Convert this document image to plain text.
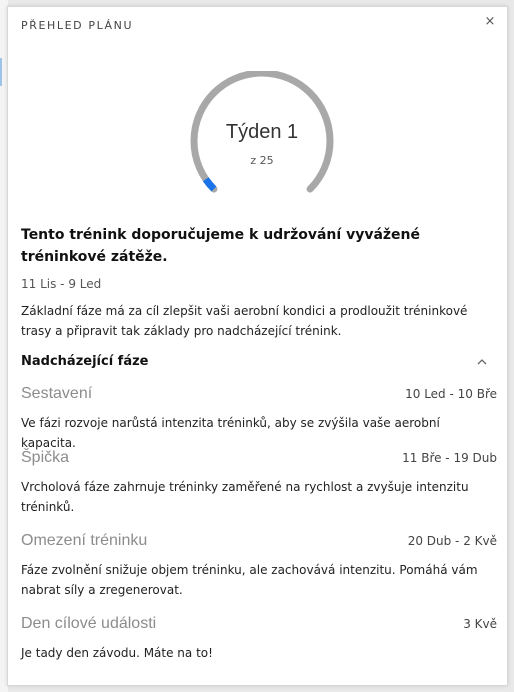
PŘEHLED PLÁNU	×
Týden 1
z 25
Tento trénink doporučujeme k udržování vyvážené tréninkové zátěže.
11 Lis - 9 Led
Základní fáze má za cíl zlepšit vaši aerobní kondici a prodloužit tréninkové trasy a připravit tak základy pro nadcházející trénink.
Nadcházející fáze
Sestavení	10 Led - 10 Bře
Ve fázi rozvoje narůstá intenzita tréninků, aby se zvýšila vaše aerobní kapacita.
Špička	11 Bře - 19 Dub
Vrcholová fáze zahrnuje tréninky zaměřené na rychlost a zvyšuje intenzitu tréninků.
Omezení tréninku	20 Dub - 2 Kvě
Fáze zvolnění snižuje objem tréninku, ale zachovává intenzitu. Pomáhá vám nabrat síly a zregenerovat.
Den cílové události	3 Kvě
Je tady den závodu. Máte na to!
